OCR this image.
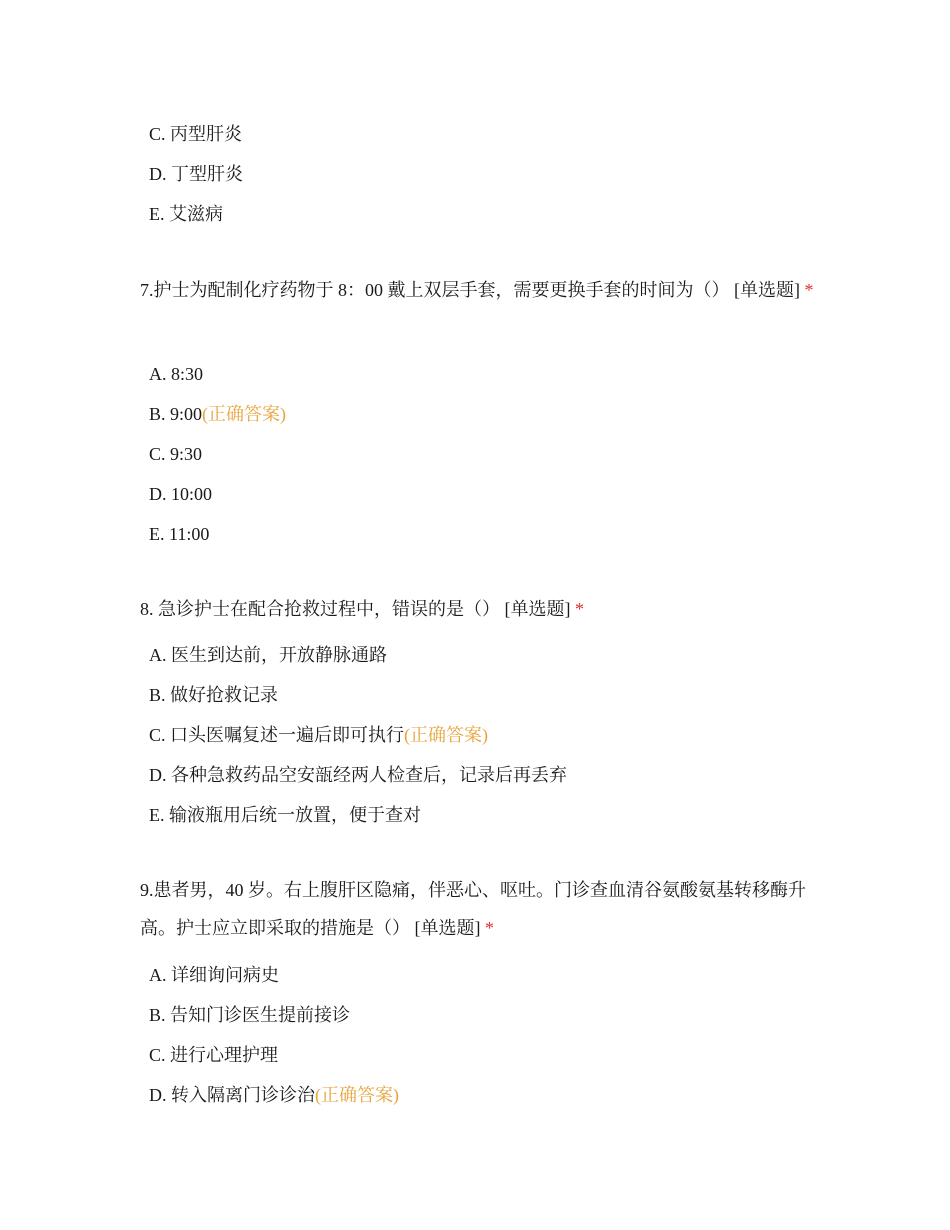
C. 丙型肝炎
D. 丁型肝炎
E. 艾滋病
7.护士为配制化疗药物于 8：00 戴上双层手套，需要更换手套的时间为（） [单选题] *
A. 8:30
B. 9:00(正确答案)
C. 9:30
D. 10:00
E. 11:00
8. 急诊护士在配合抢救过程中，错误的是（） [单选题] *
A. 医生到达前，开放静脉通路
B. 做好抢救记录
C. 口头医嘱复述一遍后即可执行(正确答案)
D. 各种急救药品空安瓿经两人检查后，记录后再丢弃
E. 输液瓶用后统一放置，便于查对
9.患者男，40 岁。右上腹肝区隐痛，伴恶心、呕吐。门诊查血清谷氨酸氨基转移酶升高。护士应立即采取的措施是（） [单选题] *
A. 详细询问病史
B. 告知门诊医生提前接诊
C. 进行心理护理
D. 转入隔离门诊诊治(正确答案)
